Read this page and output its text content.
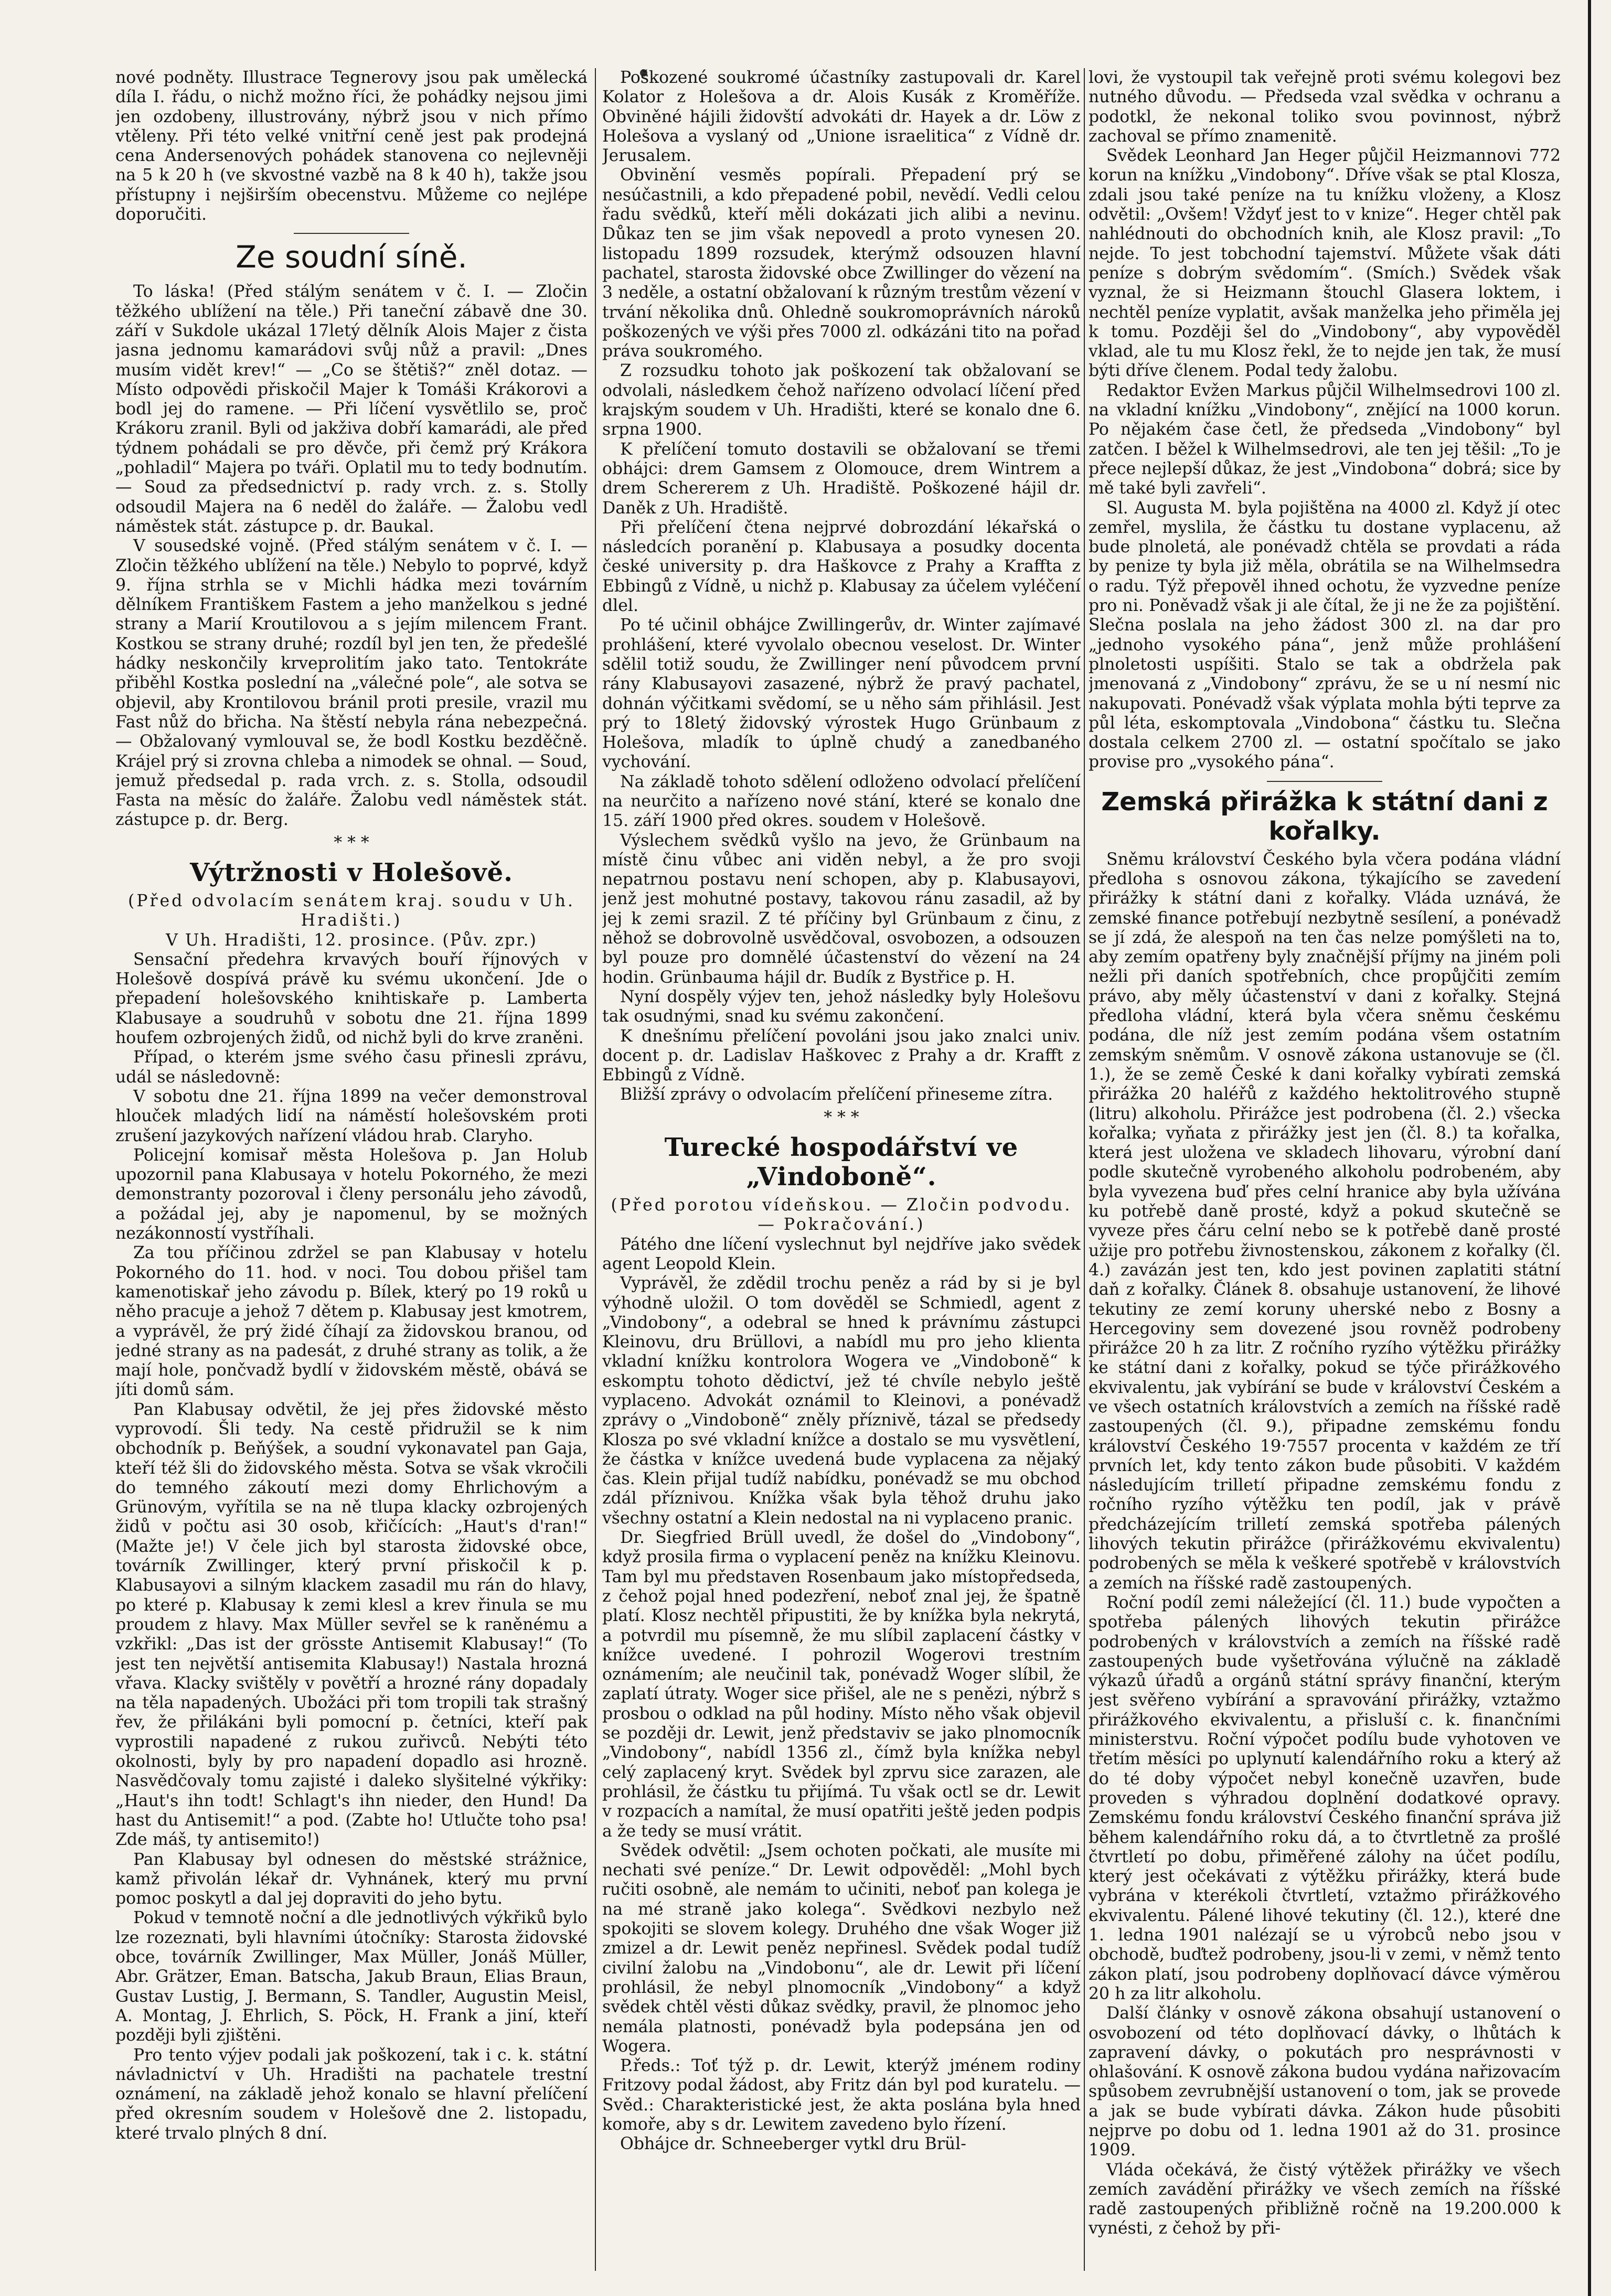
nové podněty. Illustrace Tegnerovy jsou pak umělecká díla I. řádu, o nichž možno říci, že pohádky nejsou jimi jen ozdobeny, illustrovány, nýbrž jsou v nich přímo vtěleny. Při této velké vnitřní ceně jest pak prodejná cena Andersenových pohádek stanovena co nejlevněji na 5 k 20 h (ve skvostné vazbě na 8 k 40 h), takže jsou přístupny i nejširším obecenstvu. Můžeme co nejlépe doporučiti.

Ze soudní síně.

To láska! (Před stálým senátem v č. I. — Zločin těžkého ublížení na těle.) Při taneční zábavě dne 30. září v Sukdole ukázal 17letý dělník Alois Majer z čista jasna jednomu kamarádovi svůj nůž a pravil: „Dnes musím vidět krev!“ — „Co se štětiš?“ zněl dotaz. — Místo odpovědi přiskočil Majer k Tomáši Krákorovi a bodl jej do ramene. — Při líčení vysvětlilo se, proč Krákoru zranil. Byli od jakživa dobří kamarádi, ale před týdnem pohádali se pro děvče, při čemž prý Krákora „pohladil“ Majera po tváři. Oplatil mu to tedy bodnutím. — Soud za předsednictví p. rady vrch. z. s. Stolly odsoudil Majera na 6 neděl do žaláře. — Žalobu vedl náměstek stát. zástupce p. dr. Baukal.

V sousedské vojně. (Před stálým senátem v č. I. — Zločin těžkého ublížení na těle.) Nebylo to poprvé, když 9. října strhla se v Michli hádka mezi továrním dělníkem Františkem Fastem a jeho manželkou s jedné strany a Marií Kroutilovou a s jejím milencem Frant. Kostkou se strany druhé; rozdíl byl jen ten, že předešlé hádky neskončily krveprolitím jako tato. Tentokráte přiběhl Kostka poslední na „válečné pole“, ale sotva se objevil, aby Krontilovou bránil proti presile, vrazil mu Fast nůž do břicha. Na štěstí nebyla rána nebezpečná. — Obžalovaný vymlouval se, že bodl Kostku bezděčně. Krájel prý si zrovna chleba a nimodek se ohnal. — Soud, jemuž předsedal p. rada vrch. z. s. Stolla, odsoudil Fasta na měsíc do žaláře. Žalobu vedl náměstek stát. zástupce p. dr. Berg.

* * *
Výtržnosti v Holešově.

(Před odvolacím senátem kraj. soudu v Uh. Hradišti.)

V Uh. Hradišti, 12. prosince. (Pův. zpr.)

Sensační předehra krvavých bouří říjnových v Holešově dospívá právě ku svému ukončení. Jde o přepadení holešovského knihtiskaře p. Lamberta Klabusaye a soudruhů v sobotu dne 21. října 1899 houfem ozbrojených židů, od nichž byli do krve zraněni.

Případ, o kterém jsme svého času přinesli zprávu, udál se následovně:

V sobotu dne 21. října 1899 na večer demonstroval hlouček mladých lidí na náměstí holešovském proti zrušení jazykových nařízení vládou hrab. Claryho.

Policejní komisař města Holešova p. Jan Holub upozornil pana Klabusaya v hotelu Pokorného, že mezi demonstranty pozoroval i členy personálu jeho závodů, a požádal jej, aby je napomenul, by se možných nezákonností vystříhali.

Za tou příčinou zdržel se pan Klabusay v hotelu Pokorného do 11. hod. v noci. Tou dobou přišel tam kamenotiskař jeho závodu p. Bílek, který po 19 roků u něho pracuje a jehož 7 dětem p. Klabusay jest kmotrem, a vyprávěl, že prý židé číhají za židovskou branou, od jedné strany as na padesát, z druhé strany as tolik, a že mají hole, pončvadž bydlí v židovském městě, obává se jíti domů sám.

Pan Klabusay odvětil, že jej přes židovské město vyprovodí. Šli tedy. Na cestě přidružil se k nim obchodník p. Beňýšek, a soudní vykonavatel pan Gaja, kteří též šli do židovského města. Sotva se však vkročili do temného zákoutí mezi domy Ehrlichovým a Grünovým, vyřítila se na ně tlupa klacky ozbrojených židů v počtu asi 30 osob, křičících: „Haut's d'ran!“ (Mažte je!) V čele jich byl starosta židovské obce, továrník Zwillinger, který první přiskočil k p. Klabusayovi a silným klackem zasadil mu rán do hlavy, po které p. Klabusay k zemi klesl a krev řinula se mu proudem z hlavy. Max Müller sevřel se k raněnému a vzkřikl: „Das ist der grösste Antisemit Klabusay!“ (To jest ten největší antisemita Klabusay!) Nastala hrozná vřava. Klacky svištěly v povětří a hrozné rány dopadaly na těla napadených. Ubožáci při tom tropili tak strašný řev, že přilákáni byli pomocní p. četníci, kteří pak vyprostili napadené z rukou zuřivců. Nebýti této okolnosti, byly by pro napadení dopadlo asi hrozně. Nasvědčovaly tomu zajisté i daleko slyšitelné výkřiky: „Haut's ihn todt! Schlagt's ihn nieder, den Hund! Da hast du Antisemit!“ a pod. (Zabte ho! Utlučte toho psa! Zde máš, ty antisemito!)

Pan Klabusay byl odnesen do městské strážnice, kamž přivolán lékař dr. Vyhnánek, který mu první pomoc poskytl a dal jej dopraviti do jeho bytu.

Pokud v temnotě noční a dle jednotlivých výkřiků bylo lze rozeznati, byli hlavními útočníky: Starosta židovské obce, továrník Zwillinger, Max Müller, Jonáš Müller, Abr. Grätzer, Eman. Batscha, Jakub Braun, Elias Braun, Gustav Lustig, J. Bermann, S. Tandler, Augustin Meisl, A. Montag, J. Ehrlich, S. Pöck, H. Frank a jiní, kteří později byli zjištěni.

Pro tento výjev podali jak poškození, tak i c. k. státní návladnictví v Uh. Hradišti na pachatele trestní oznámení, na základě jehož konalo se hlavní přelíčení před okresním soudem v Holešově dne 2. listopadu, které trvalo plných 8 dní.

Poškozené soukromé účastníky zastupovali dr. Karel Kolator z Holešova a dr. Alois Kusák z Kroměříže. Obviněné hájili židovští advokáti dr. Hayek a dr. Löw z Holešova a vyslaný od „Unione israelitica“ z Vídně dr. Jerusalem.

Obvinění vesměs popírali. Přepadení prý se nesúčastnili, a kdo přepadené pobil, nevědí. Vedli celou řadu svědků, kteří měli dokázati jich alibi a nevinu. Důkaz ten se jim však nepovedl a proto vynesen 20. listopadu 1899 rozsudek, kterýmž odsouzen hlavní pachatel, starosta židovské obce Zwillinger do vězení na 3 neděle, a ostatní obžalovaní k různým trestům vězení v trvání několika dnů. Ohledně soukromoprávních nároků poškozených ve výši přes 7000 zl. odkázáni tito na pořad práva soukromého.

Z rozsudku tohoto jak poškození tak obžalovaní se odvolali, následkem čehož nařízeno odvolací líčení před krajským soudem v Uh. Hradišti, které se konalo dne 6. srpna 1900.

K přelíčení tomuto dostavili se obžalovaní se třemi obhájci: drem Gamsem z Olomouce, drem Wintrem a drem Schererem z Uh. Hradiště. Poškozené hájil dr. Daněk z Uh. Hradiště.

Při přelíčení čtena nejprvé dobrozdání lékařská o následcích poranění p. Klabusaya a posudky docenta české university p. dra Haškovce z Prahy a Kraffta z Ebbingů z Vídně, u nichž p. Klabusay za účelem vyléčení dlel.

Po té učinil obhájce Zwillingerův, dr. Winter zajímavé prohlášení, které vyvolalo obecnou veselost. Dr. Winter sdělil totiž soudu, že Zwillinger není původcem první rány Klabusayovi zasazené, nýbrž že pravý pachatel, dohnán výčitkami svědomí, se u něho sám přihlásil. Jest prý to 18letý židovský výrostek Hugo Grünbaum z Holešova, mladík to úplně chudý a zanedbaného vychování.

Na základě tohoto sdělení odloženo odvolací přelíčení na neurčito a nařízeno nové stání, které se konalo dne 15. září 1900 před okres. soudem v Holešově.

Výslechem svědků vyšlo na jevo, že Grünbaum na místě činu vůbec ani viděn nebyl, a že pro svoji nepatrnou postavu není schopen, aby p. Klabusayovi, jenž jest mohutné postavy, takovou ránu zasadil, až by jej k zemi srazil. Z té příčiny byl Grünbaum z činu, z něhož se dobrovolně usvědčoval, osvobozen, a odsouzen byl pouze pro domnělé účastenství do vězení na 24 hodin. Grünbauma hájil dr. Budík z Bystřice p. H.

Nyní dospěly výjev ten, jehož následky byly Holešovu tak osudnými, snad ku svému zakončení.

K dnešnímu přelíčení povoláni jsou jako znalci univ. docent p. dr. Ladislav Haškovec z Prahy a dr. Krafft z Ebbingů z Vídně.

Bližší zprávy o odvolacím přelíčení přineseme zítra.

* * *
Turecké hospodářství ve „Vindoboně“.

(Před porotou vídeňskou. — Zločin podvodu. — Pokračování.)

Pátého dne líčení vyslechnut byl nejdříve jako svědek agent Leopold Klein.

Vyprávěl, že zdědil trochu peněz a rád by si je byl výhodně uložil. O tom dověděl se Schmiedl, agent z „Vindobony“, a odebral se hned k právnímu zástupci Kleinovu, dru Brüllovi, a nabídl mu pro jeho klienta vkladní knížku kontrolora Wogera ve „Vindoboně“ k eskomptu tohoto dědictví, jež té chvíle nebylo ještě vyplaceno. Advokát oznámil to Kleinovi, a ponévadž zprávy o „Vindoboně“ zněly příznivě, tázal se předsedy Klosza po své vkladní knížce a dostalo se mu vysvětlení, že částka v knížce uvedená bude vyplacena za nějaký čas. Klein přijal tudíž nabídku, ponévadž se mu obchod zdál příznivou. Knížka však byla těhož druhu jako všechny ostatní a Klein nedostal na ni vyplaceno pranic.

Dr. Siegfried Brüll uvedl, že došel do „Vindobony“, když prosila firma o vyplacení peněz na knížku Kleinovu. Tam byl mu představen Rosenbaum jako místopředseda, z čehož pojal hned podezření, neboť znal jej, že špatně platí. Klosz nechtěl připustiti, že by knížka byla nekrytá, a potvrdil mu písemně, že mu slíbil zaplacení částky v knížce uvedené. I pohrozil Wogerovi trestním oznámením; ale neučinil tak, ponévadž Woger slíbil, že zaplatí útraty. Woger sice přišel, ale ne s penězi, nýbrž s prosbou o odklad na půl hodiny. Místo něho však objevil se později dr. Lewit, jenž představiv se jako plnomocník „Vindobony“, nabídl 1356 zl., čímž byla knížka nebyl celý zaplacený kryt. Svědek byl zprvu sice zarazen, ale prohlásil, že částku tu přijímá. Tu však octl se dr. Lewit v rozpacích a namítal, že musí opatřiti ještě jeden podpis a že tedy se musí vrátit.

Svědek odvětil: „Jsem ochoten počkati, ale musíte mi nechati své peníze.“ Dr. Lewit odpověděl: „Mohl bych ručiti osobně, ale nemám to učiniti, neboť pan kolega je na mé straně jako kolega“. Svědkovi nezbylo než spokojiti se slovem kolegy. Druhého dne však Woger již zmizel a dr. Lewit peněz nepřinesl. Svědek podal tudíž civilní žalobu na „Vindobonu“, ale dr. Lewit při líčení prohlásil, že nebyl plnomocník „Vindobony“ a když svědek chtěl věsti důkaz svědky, pravil, že plnomoc jeho nemála platnosti, ponévadž byla podepsána jen od Wogera.

P.ředs.: Toť týž p. dr. Lewit, kterýž jménem rodiny Fritzovy podal žádost, aby Fritz dán byl pod kuratelu. — Svěd.: Charakteristické jest, že akta poslána byla hned komoře, aby s dr. Lewitem zavedeno bylo řízení.

Obhájce dr. Schneeberger vytkl dru Brül-

lovi, že vystoupil tak veřejně proti svému kolegovi bez nutného důvodu. — Předseda vzal svědka v ochranu a podotkl, že nekonal toliko svou povinnost, nýbrž zachoval se přímo znamenitě.

Svědek Leonhard Jan Heger půjčil Heizmannovi 772 korun na knížku „Vindobony“. Dříve však se ptal Klosza, zdali jsou také peníze na tu knížku vloženy, a Klosz odvětil: „Ovšem! Vždyť jest to v knize“. Heger chtěl pak nahlédnouti do obchodních knih, ale Klosz pravil: „To nejde. To jest tobchodní tajemství. Můžete však dáti peníze s dobrým svědomím“. (Smích.) Svědek však vyznal, že si Heizmann štouchl Glasera loktem, i nechtěl peníze vyplatit, avšak manželka jeho přiměla jej k tomu. Později šel do „Vindobony“, aby vypověděl vklad, ale tu mu Klosz řekl, že to nejde jen tak, že musí býti dříve členem. Podal tedy žalobu.

Redaktor Evžen Markus půjčil Wilhelmsedrovi 100 zl. na vkladní knížku „Vindobony“, znějící na 1000 korun. Po nějakém čase četl, že předseda „Vindobony“ byl zatčen. I běžel k Wilhelmsedrovi, ale ten jej těšil: „To je přece nejlepší důkaz, že jest „Vindobona“ dobrá; sice by mě také byli zavřeli“.

Sl. Augusta M. byla pojištěna na 4000 zl. Když jí otec zemřel, myslila, že částku tu dostane vyplacenu, až bude plnoletá, ale ponévadž chtěla se provdati a ráda by penize ty byla již měla, obrátila se na Wilhelmsedra o radu. Týž přepověl ihned ochotu, že vyzvedne peníze pro ni. Poněvadž však ji ale čítal, že ji ne že za pojištění. Slečna poslala na jeho žádost 300 zl. na dar pro „jednoho vysokého pána“, jenž může prohlášení plnoletosti uspíšiti. Stalo se tak a obdržela pak jmenovaná z „Vindobony“ zprávu, že se u ní nesmí nic nakupovati. Ponévadž však výplata mohla býti teprve za půl léta, eskomptovala „Vindobona“ částku tu. Slečna dostala celkem 2700 zl. — ostatní spočítalo se jako provise pro „vysokého pána“.

Zemská přirážka k státní dani z kořalky.

Sněmu království Českého byla včera podána vládní předloha s osnovou zákona, týkajícího se zavedení přirážky k státní dani z kořalky. Vláda uznává, že zemské finance potřebují nezbytně sesílení, a ponévadž se jí zdá, že alespoň na ten čas nelze pomýšleti na to, aby zemím opatřeny byly značnější příjmy na jiném poli nežli při daních spotřebních, chce propůjčiti zemím právo, aby měly účastenství v dani z kořalky. Stejná předloha vládní, která byla včera sněmu českému podána, dle níž jest zemím podána všem ostatním zemským sněmům. V osnově zákona ustanovuje se (čl. 1.), že se země České k dani kořalky vybírati zemská přirážka 20 haléřů z každého hektolitrového stupně (litru) alkoholu. Přirážce jest podrobena (čl. 2.) všecka kořalka; vyňata z přirážky jest jen (čl. 8.) ta kořalka, která jest uložena ve skladech lihovaru, výrobní daní podle skutečně vyrobeného alkoholu podrobeném, aby byla vyvezena buď přes celní hranice aby byla užívána ku potřebě daně prosté, když a pokud skutečně se vyveze přes čáru celní nebo se k potřebě daně prosté užije pro potřebu živnostenskou, zákonem z kořalky (čl. 4.) zavázán jest ten, kdo jest povinen zaplatiti státní daň z kořalky. Článek 8. obsahuje ustanovení, že lihové tekutiny ze zemí koruny uherské nebo z Bosny a Hercegoviny sem dovezené jsou rovněž podrobeny přirážce 20 h za litr. Z ročního ryzího výtěžku přirážky ke státní dani z kořalky, pokud se týče přirážkového ekvivalentu, jak vybírání se bude v království Českém a ve všech ostatních královstvích a zemích na říšské radě zastoupených (čl. 9.), připadne zemskému fondu království Českého 19·7557 procenta v každém ze tří prvních let, kdy tento zákon bude působiti. V každém následujícím trilletí připadne zemskému fondu z ročního ryzího výtěžku ten podíl, jak v právě předcházejícím trilletí zemská spotřeba pálených lihových tekutin přirážce (přirážkovému ekvivalentu) podrobených se měla k veškeré spotřebě v královstvích a zemích na říšské radě zastoupených.

Roční podíl zemi náležející (čl. 11.) bude vypočten a spotřeba pálených lihových tekutin přirážce podrobených v královstvích a zemích na říšské radě zastoupených bude vyšetřována výlučně na základě výkazů úřadů a orgánů státní správy finanční, kterým jest svěřeno vybírání a spravování přirážky, vztažmo přirážkového ekvivalentu, a přisluší c. k. finančními ministerstvu. Roční výpočet podílu bude vyhotoven ve třetím měsíci po uplynutí kalendářního roku a který až do té doby výpočet nebyl konečně uzavřen, bude proveden s výhradou doplnění dodatkové opravy. Zemskému fondu království Českého finanční správa již během kalendářního roku dá, a to čtvrtletně za prošlé čtvrtletí po dobu, přiměřené zálohy na účet podílu, který jest očekávati z výtěžku přirážky, která bude vybrána v kterékoli čtvrtletí, vztažmo přirážkového ekvivalentu. Pálené lihové tekutiny (čl. 12.), které dne 1. ledna 1901 nalézají se u výrobců nebo jsou v obchodě, buďtež podrobeny, jsou-li v zemi, v němž tento zákon platí, jsou podrobeny doplňovací dávce výměrou 20 h za litr alkoholu.

Další články v osnově zákona obsahují ustanovení o osvobození od této doplňovací dávky, o lhůtách k zapravení dávky, o pokutách pro nesprávnosti v ohlašování. K osnově zákona budou vydána nařizovacím spůsobem zevrubnější ustanovení o tom, jak se provede a jak se bude vybírati dávka. Zákon hude působiti nejprve po dobu od 1. ledna 1901 až do 31. prosince 1909.

Vláda očekává, že čistý výtěžek přirážky ve všech zemích zavádění přirážky ve všech zemích na říšské radě zastoupených přibližně ročně na 19.200.000 k vynésti, z čehož by při-
